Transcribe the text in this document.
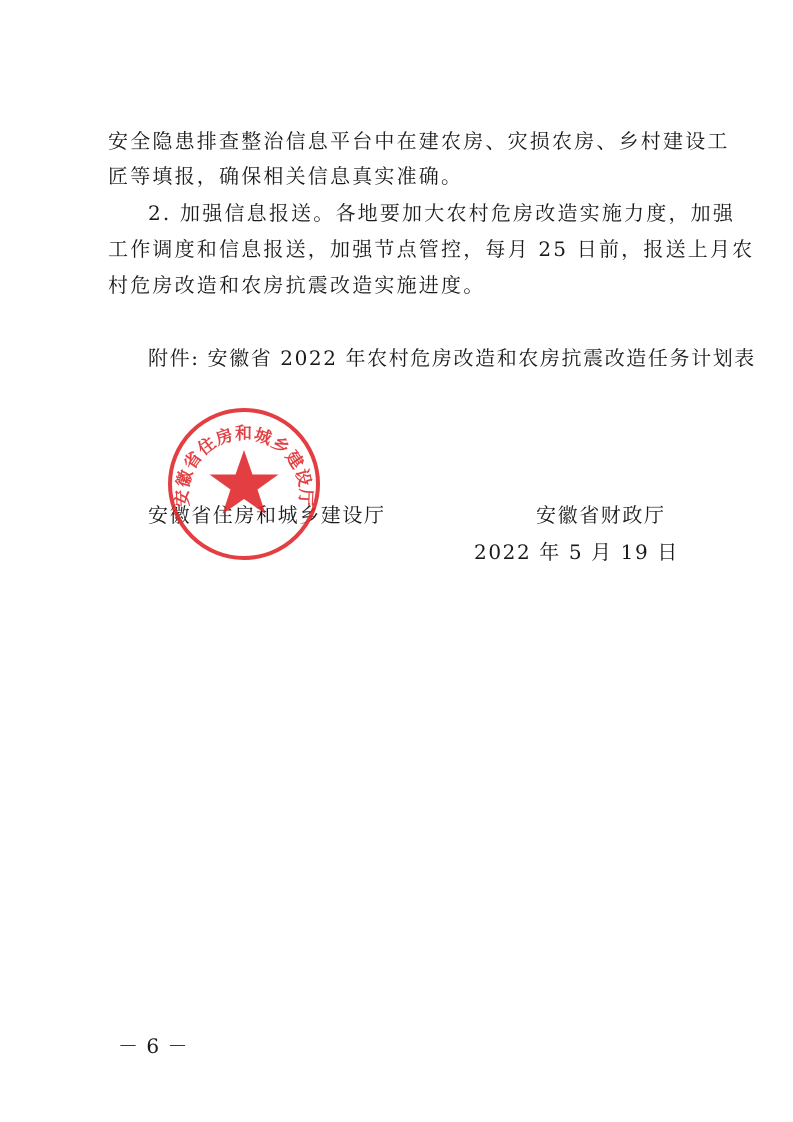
安全隐患排查整治信息平台中在建农房、灾损农房、乡村建设工
匠等填报，确保相关信息真实准确。
2. 加强信息报送。各地要加大农村危房改造实施力度，加强
工作调度和信息报送，加强节点管控，每月 25 日前，报送上月农
村危房改造和农房抗震改造实施进度。
附件: 安徽省 2022 年农村危房改造和农房抗震改造任务计划表
安徽省住房和城乡建设厅	安徽省财政厅
2022 年 5 月 19 日
安徽省住房和城乡建设厅
－ 6 －
